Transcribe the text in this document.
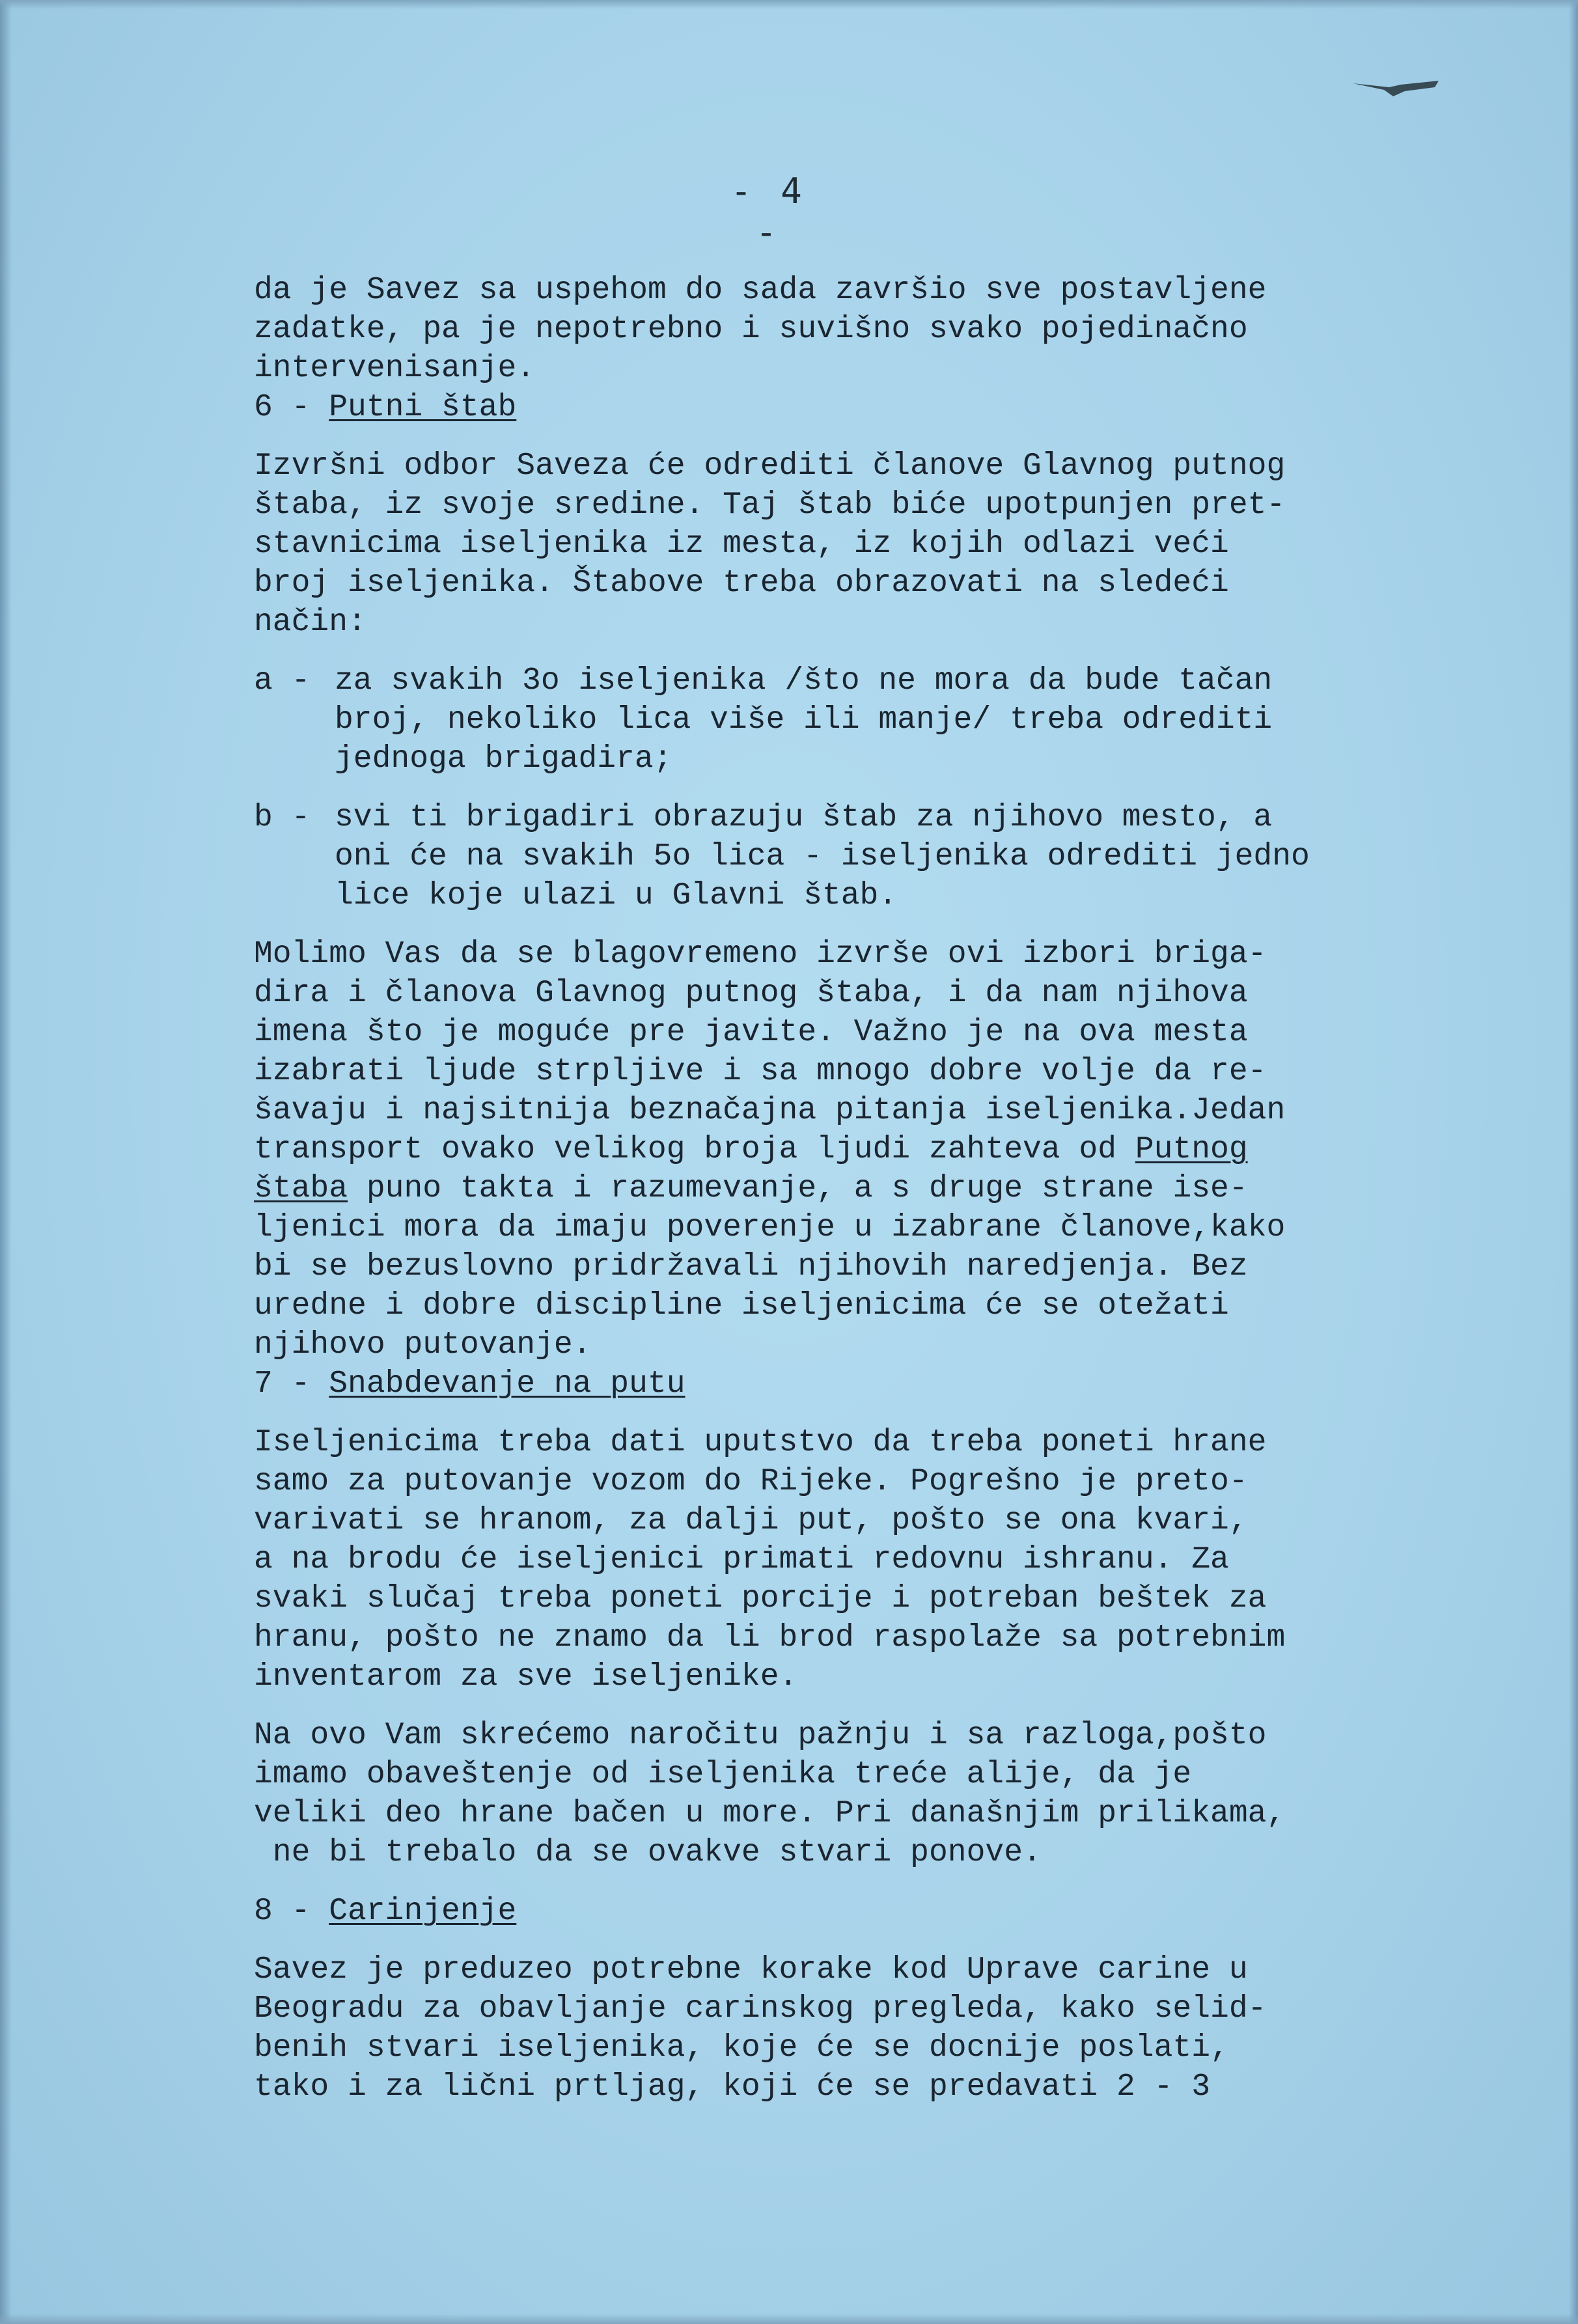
- 4 -
da je Savez sa uspehom do sada završio sve postavljene
zadatke, pa je nepotrebno i suvišno svako pojedinačno
intervenisanje.
6 - Putni štab
Izvršni odbor Saveza će odrediti članove Glavnog putnog
štaba, iz svoje sredine. Taj štab biće upotpunjen pret-
stavnicima iseljenika iz mesta, iz kojih odlazi veći
broj iseljenika. Štabove treba obrazovati na sledeći
način:
a - za svakih 3o iseljenika /što ne mora da bude tačan
broj, nekoliko lica više ili manje/ treba odrediti
jednoga brigadira;
b - svi ti brigadiri obrazuju štab za njihovo mesto, a
oni će na svakih 5o lica - iseljenika odrediti jedno
lice koje ulazi u Glavni štab.
Molimo Vas da se blagovremeno izvrše ovi izbori briga-
dira i članova Glavnog putnog štaba, i da nam njihova
imena što je moguće pre javite. Važno je na ova mesta
izabrati ljude strpljive i sa mnogo dobre volje da re-
šavaju i najsitnija beznačajna pitanja iseljenika.Jedan
transport ovako velikog broja ljudi zahteva od Putnog
štaba puno takta i razumevanje, a s druge strane ise-
ljenici mora da imaju poverenje u izabrane članove,kako
bi se bezuslovno pridržavali njihovih naredjenja. Bez
uredne i dobre discipline iseljenicima će se otežati
njihovo putovanje.
7 - Snabdevanje na putu
Iseljenicima treba dati uputstvo da treba poneti hrane
samo za putovanje vozom do Rijeke. Pogrešno je preto-
varivati se hranom, za dalji put, pošto se ona kvari,
a na brodu će iseljenici primati redovnu ishranu. Za
svaki slučaj treba poneti porcije i potreban beštek za
hranu, pošto ne znamo da li brod raspolaže sa potrebnim
inventarom za sve iseljenike.
Na ovo Vam skrećemo naročitu pažnju i sa razloga,pošto
imamo obaveštenje od iseljenika treće alije, da je
veliki deo hrane bačen u more. Pri današnjim prilikama,
ne bi trebalo da se ovakve stvari ponove.
8 - Carinjenje
Savez je preduzeo potrebne korake kod Uprave carine u
Beogradu za obavljanje carinskog pregleda, kako selid-
benih stvari iseljenika, koje će se docnije poslati,
tako i za lični prtljag, koji će se predavati 2 - 3
